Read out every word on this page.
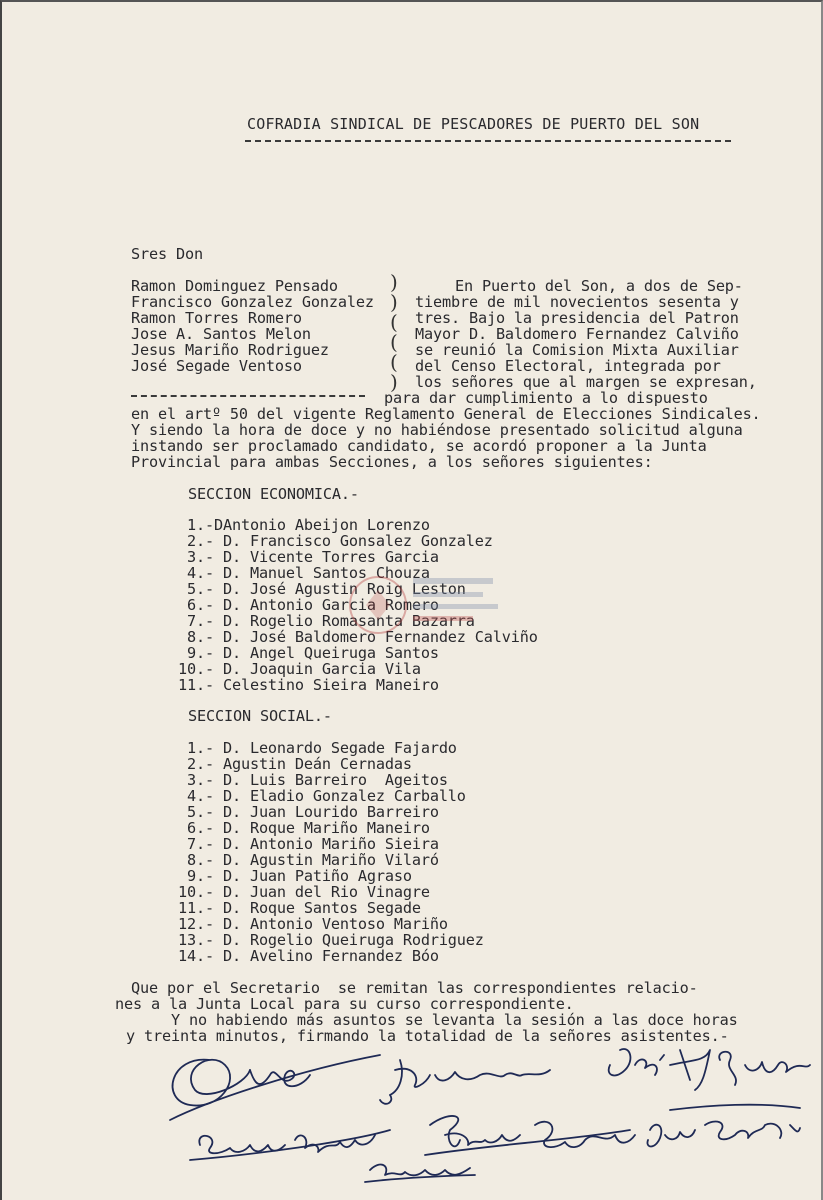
COFRADIA SINDICAL DE PESCADORES DE PUERTO DEL SON
Sres Don
Ramon Dominguez Pensado
Francisco Gonzalez Gonzalez
Ramon Torres Romero
Jose A. Santos Melon
Jesus Mariño Rodriguez
José Segade Ventoso
)
)
(
(
(
)
En Puerto del Son, a dos de Sep-
tiembre de mil novecientos sesenta y
tres. Bajo la presidencia del Patron
Mayor D. Baldomero Fernandez Calviño
se reunió la Comision Mixta Auxiliar
del Censo Electoral, integrada por
los señores que al margen se expresan,
para dar cumplimiento a lo dispuesto
en el artº 50 del vigente Reglamento General de Elecciones Sindicales.
Y siendo la hora de doce y no habiéndose presentado solicitud alguna
instando ser proclamado candidato, se acordó proponer a la Junta
Provincial para ambas Secciones, a los señores siguientes:
SECCION ECONOMICA.-
1.-DAntonio Abeijon Lorenzo
2.- D. Francisco Gonsalez Gonzalez
3.- D. Vicente Torres Garcia
4.- D. Manuel Santos Chouza
5.- D. José Agustin Roig Leston
6.- D. Antonio Garcia Romero
7.- D. Rogelio Romasanta Bazarra
8.- D. José Baldomero Fernandez Calviño
9.- D. Angel Queiruga Santos
10.- D. Joaquin Garcia Vila
11.- Celestino Sieira Maneiro
SECCION SOCIAL.-
1.- D. Leonardo Segade Fajardo
2.- Agustin Deán Cernadas
3.- D. Luis Barreiro  Ageitos
4.- D. Eladio Gonzalez Carballo
5.- D. Juan Lourido Barreiro
6.- D. Roque Mariño Maneiro
7.- D. Antonio Mariño Sieira
8.- D. Agustin Mariño Vilaró
9.- D. Juan Patiño Agraso
10.- D. Juan del Rio Vinagre
11.- D. Roque Santos Segade
12.- D. Antonio Ventoso Mariño
13.- D. Rogelio Queiruga Rodriguez
14.- D. Avelino Fernandez Bóo
Que por el Secretario  se remitan las correspondientes relacio-
nes a la Junta Local para su curso correspondiente.
Y no habiendo más asuntos se levanta la sesión a las doce horas
y treinta minutos, firmando la totalidad de la señores asistentes.-
